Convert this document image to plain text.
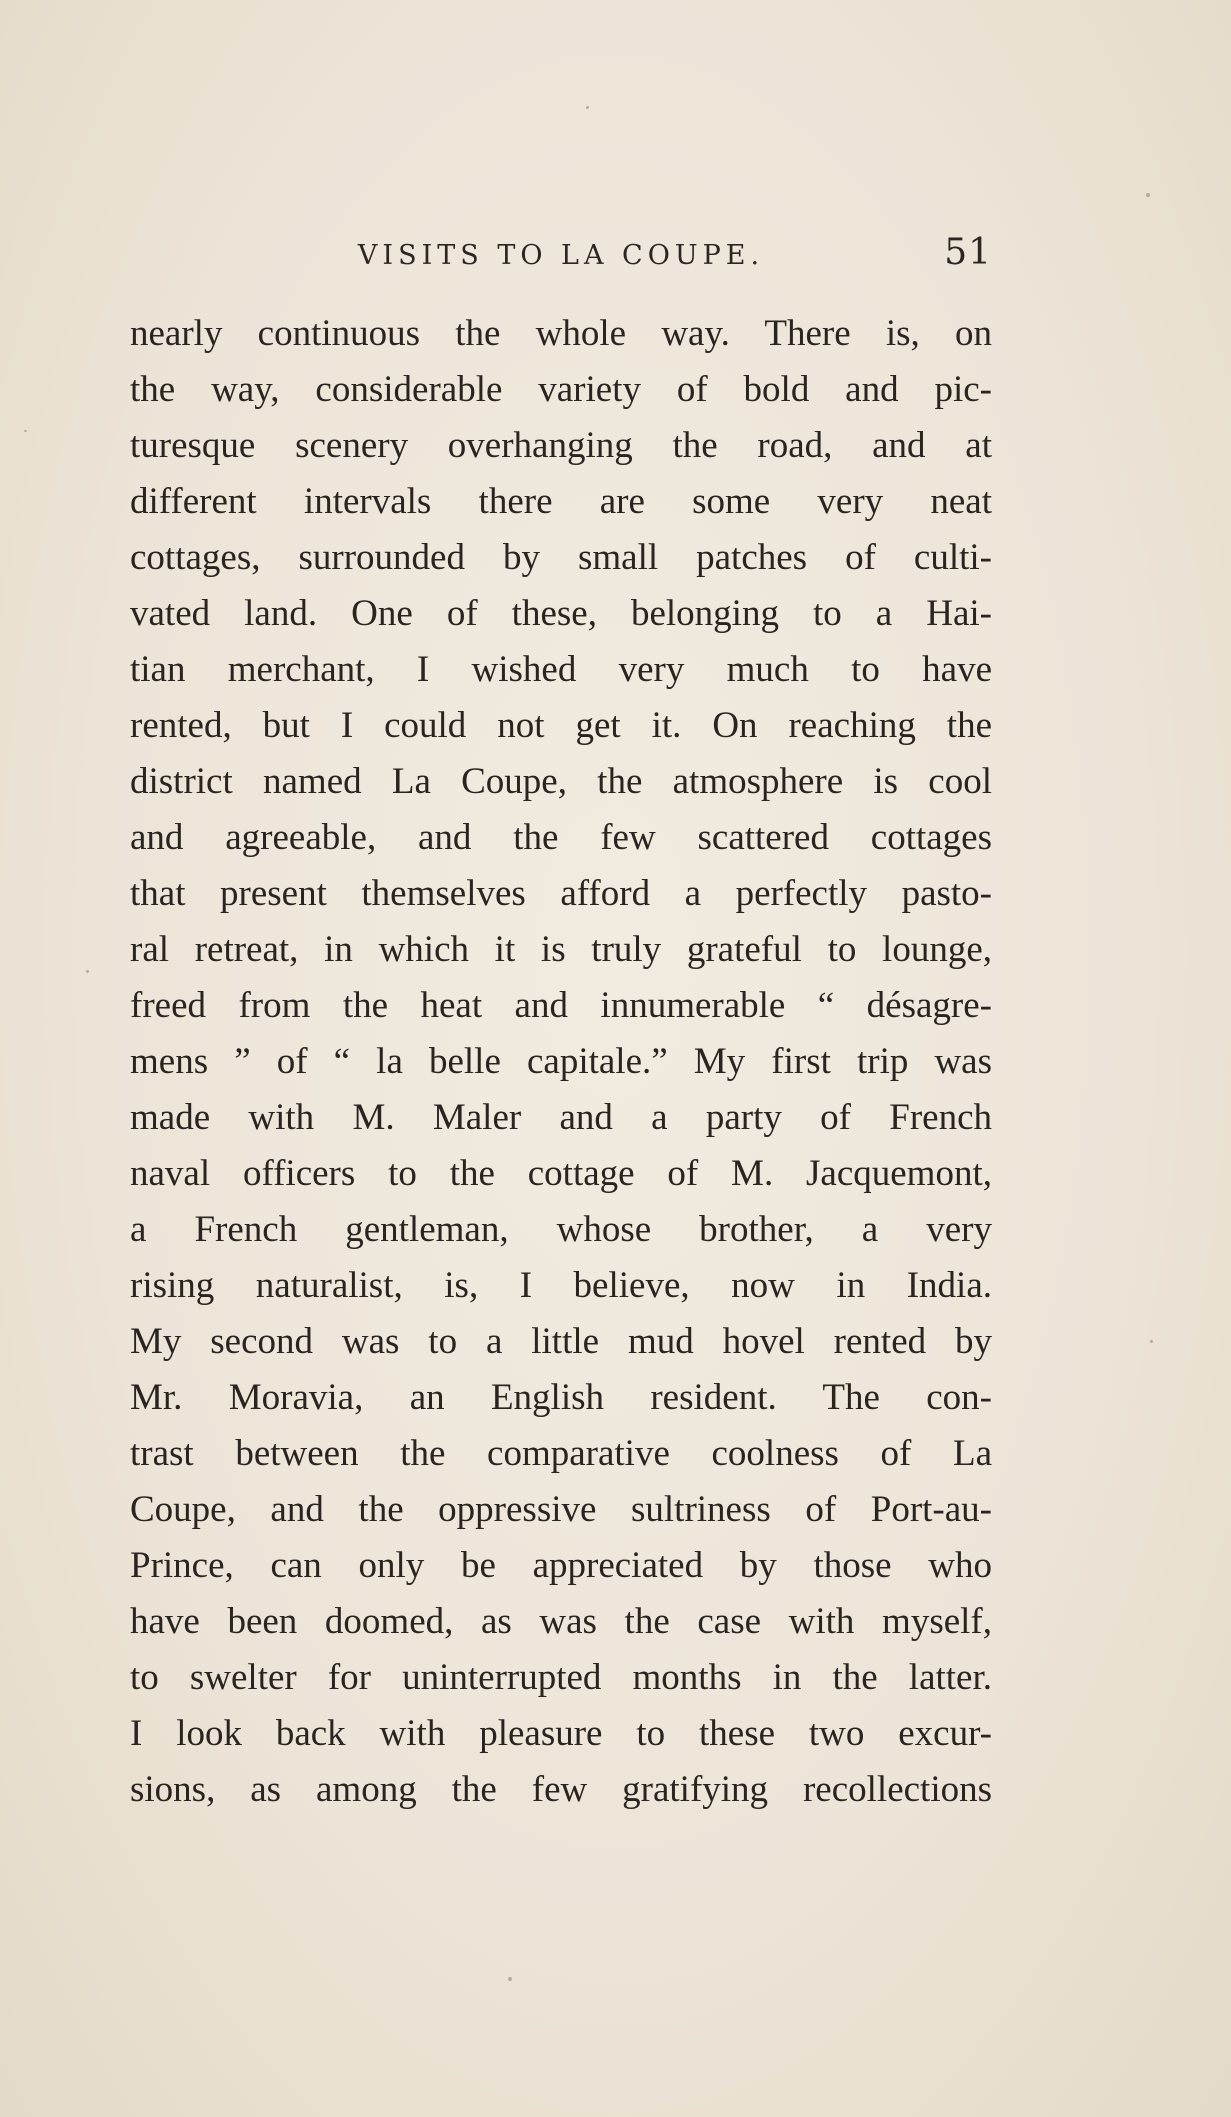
VISITS TO LA COUPE.	51
nearly continuous the whole way. There is, on
the way, considerable variety of bold and pic-
turesque scenery overhanging the road, and at
different intervals there are some very neat
cottages, surrounded by small patches of culti-
vated land. One of these, belonging to a Hai-
tian merchant, I wished very much to have
rented, but I could not get it. On reaching the
district named La Coupe, the atmosphere is cool
and agreeable, and the few scattered cottages
that present themselves afford a perfectly pasto-
ral retreat, in which it is truly grateful to lounge,
freed from the heat and innumerable “ désagre-
mens ” of “ la belle capitale.” My first trip was
made with M. Maler and a party of French
naval officers to the cottage of M. Jacquemont,
a French gentleman, whose brother, a very
rising naturalist, is, I believe, now in India.
My second was to a little mud hovel rented by
Mr. Moravia, an English resident. The con-
trast between the comparative coolness of La
Coupe, and the oppressive sultriness of Port-au-
Prince, can only be appreciated by those who
have been doomed, as was the case with myself,
to swelter for uninterrupted months in the latter.
I look back with pleasure to these two excur-
sions, as among the few gratifying recollections
